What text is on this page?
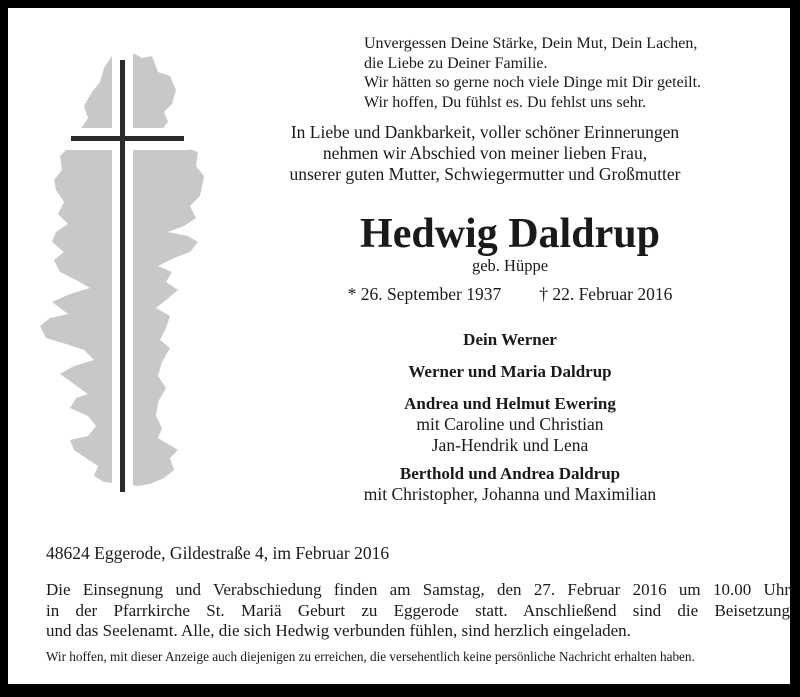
Unvergessen Deine Stärke, Dein Mut, Dein Lachen,
die Liebe zu Deiner Familie.
Wir hätten so gerne noch viele Dinge mit Dir geteilt.
Wir hoffen, Du fühlst es. Du fehlst uns sehr.
In Liebe und Dankbarkeit, voller schöner Erinnerungen
nehmen wir Abschied von meiner lieben Frau,
unserer guten Mutter, Schwiegermutter und Großmutter
Hedwig Daldrup
geb. Hüppe
* 26. September 1937 † 22. Februar 2016
Dein Werner
Werner und Maria Daldrup
Andrea und Helmut Ewering
mit Caroline und Christian
Jan-Hendrik und Lena
Berthold und Andrea Daldrup
mit Christopher, Johanna und Maximilian
48624 Eggerode, Gildestraße 4, im Februar 2016
Die Einsegnung und Verabschiedung finden am Samstag, den 27. Februar 2016 um 10.00 Uhr
in der Pfarrkirche St. Mariä Geburt zu Eggerode statt. Anschließend sind die Beisetzung
und das Seelenamt. Alle, die sich Hedwig verbunden fühlen, sind herzlich eingeladen.
Wir hoffen, mit dieser Anzeige auch diejenigen zu erreichen, die versehentlich keine persönliche Nachricht erhalten haben.
